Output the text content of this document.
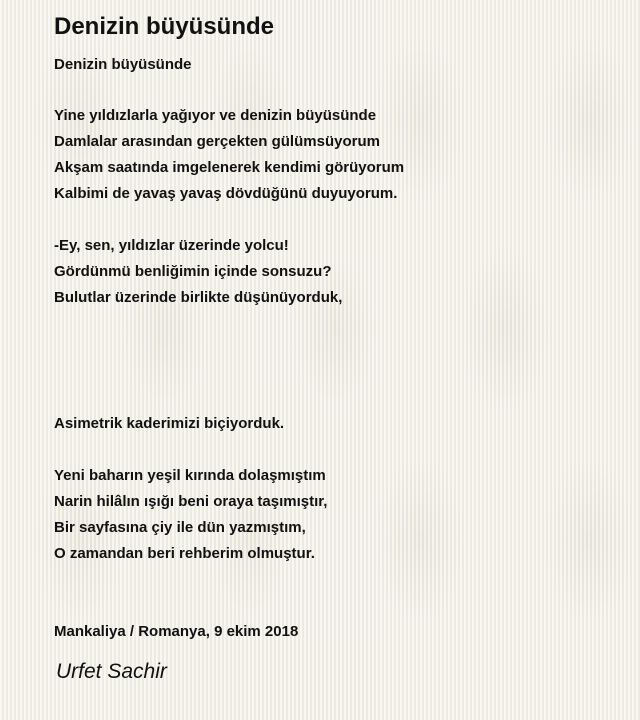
Denizin büyüsünde

Denizin büyüsünde

Yine yıldızlarla yağıyor ve denizin büyüsünde
Damlalar arasından gerçekten gülümsüyorum
Akşam saatında imgelenerek kendimi görüyorum
Kalbimi de yavaş yavaş dövdüğünü duyuyorum.
-Ey, sen, yıldızlar üzerinde yolcu!
Gördünmü benliğimin içinde sonsuzu?
Bulutlar üzerinde birlikte düşünüyorduk,
Asimetrik kaderimizi biçiyorduk.
Yeni baharın yeşil kırında dolaşmıştım
Narin hilâlın ışığı beni oraya taşımıştır,
Bir sayfasına çiy ile dün yazmıştım,
O zamandan beri rehberim olmuştur.

Mankaliya / Romanya, 9 ekim 2018

Urfet Sachir
